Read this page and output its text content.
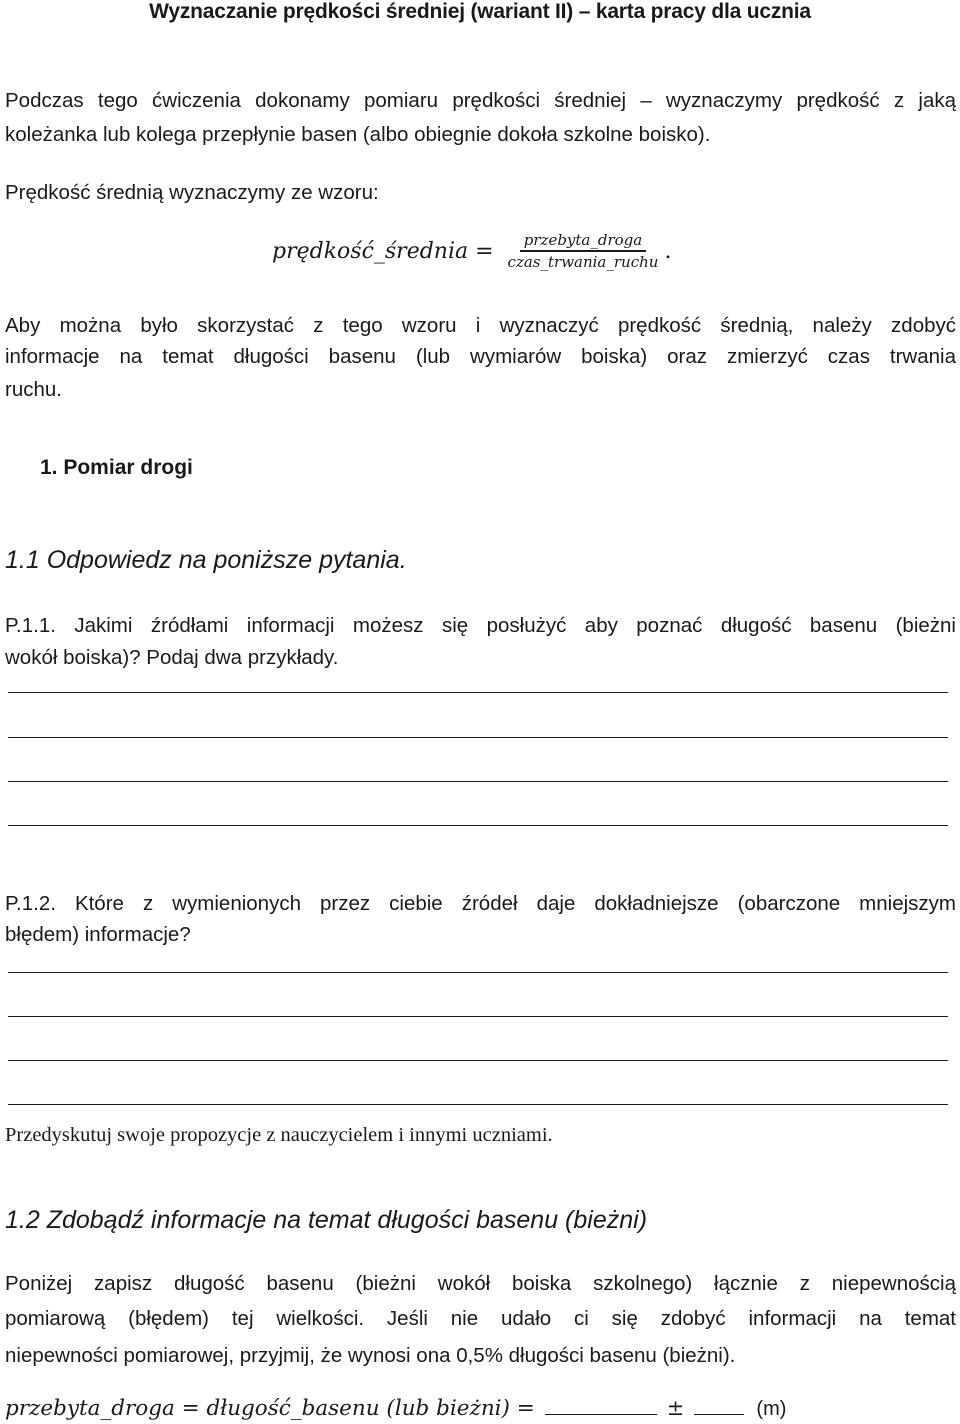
Wyznaczanie prędkości średniej (wariant II) – karta pracy dla ucznia

Podczas tego ćwiczenia dokonamy pomiaru prędkości średniej – wyznaczymy prędkość z jaką

koleżanka lub kolega przepłynie basen (albo obiegnie dokoła szkolne boisko).

Prędkość średnią wyznaczymy ze wzoru:

prędkość_średnia = $\frac{\text{przebyta\_droga}}{\text{czas\_trwania\_ruchu}}$ .

Aby można było skorzystać z tego wzoru i wyznaczyć prędkość średnią, należy zdobyć

informacje na temat długości basenu (lub wymiarów boiska) oraz zmierzyć czas trwania

ruchu.

1. Pomiar drogi

1.1 Odpowiedz na poniższe pytania.

P.1.1. Jakimi źródłami informacji możesz się posłużyć aby poznać długość basenu (bieżni

wokół boiska)? Podaj dwa przykłady.

P.1.2. Które z wymienionych przez ciebie źródeł daje dokładniejsze (obarczone mniejszym

błędem) informacje?

Przedyskutuj swoje propozycje z nauczycielem i innymi uczniami.

1.2 Zdobądź informacje na temat długości basenu (bieżni)

Poniżej zapisz długość basenu (bieżni wokół boiska szkolnego) łącznie z niepewnością

pomiarową (błędem) tej wielkości. Jeśli nie udało ci się zdobyć informacji na temat

niepewności pomiarowej, przyjmij, że wynosi ona 0,5% długości basenu (bieżni).

przebyta_droga = długość_basenu (lub bieżni) =	±	(m)
